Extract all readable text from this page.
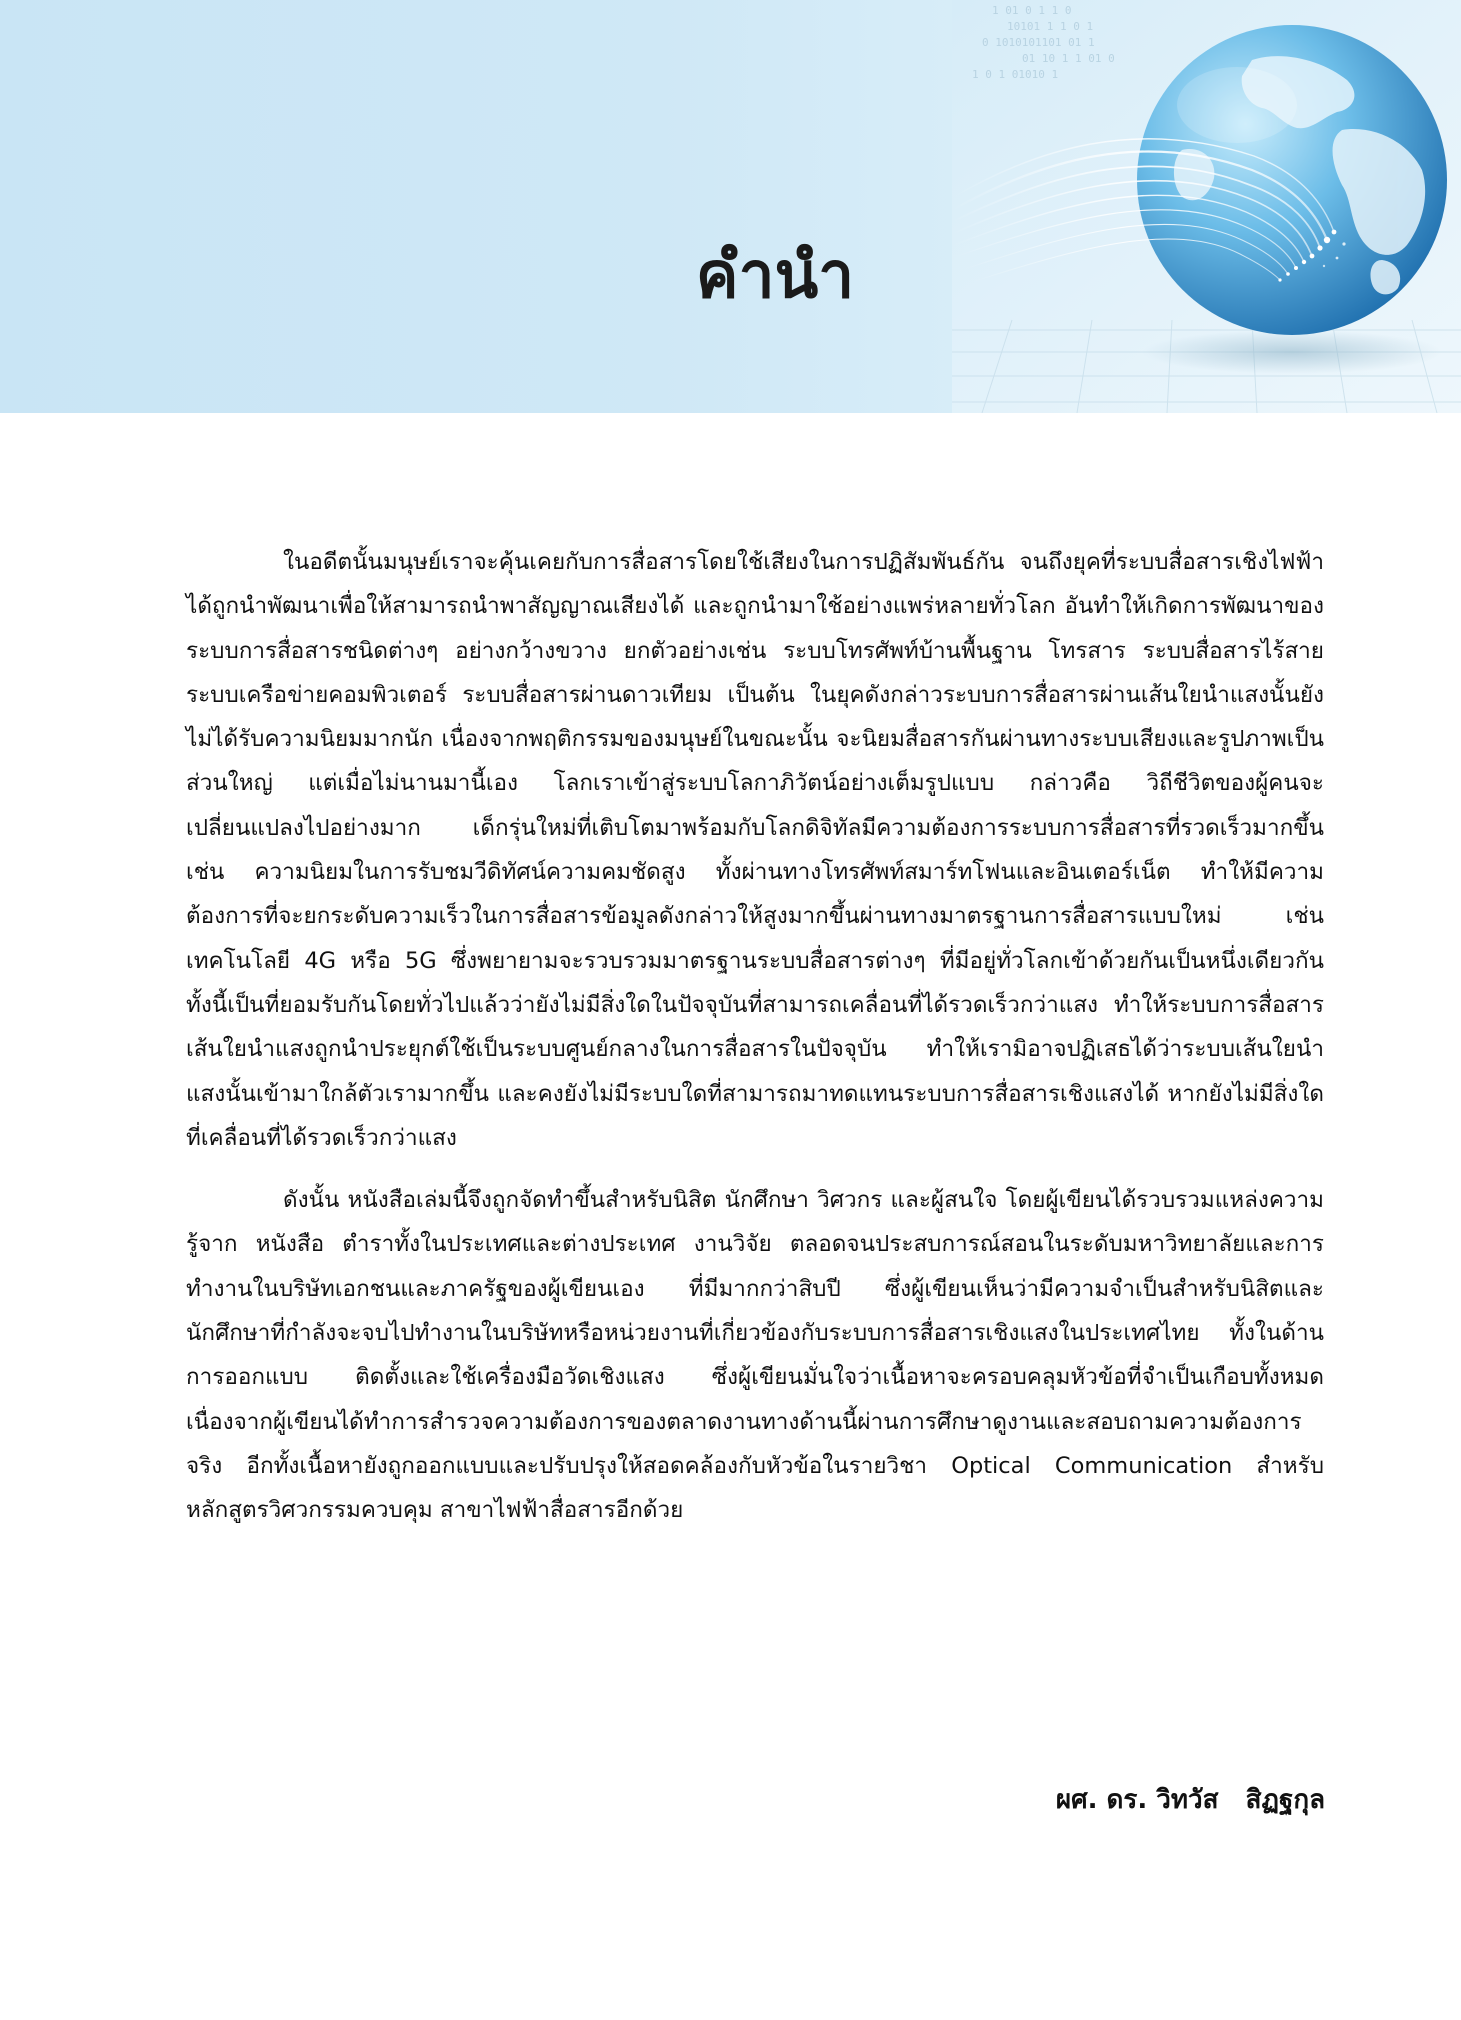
1 01 0 1 1 0
10101 1 1 0 1
0 1010101101 01 1
01 10 1 1 01 0
1 0 1 01010 1
คำนำ

ในอดีตนั้นมนุษย์เราจะคุ้นเคยกับการสื่อสารโดยใช้เสียงในการปฏิสัมพันธ์กัน จนถึงยุคที่ระบบสื่อสารเชิงไฟฟ้าได้ถูกนำพัฒนาเพื่อให้สามารถนำพาสัญญาณเสียงได้ และถูกนำมาใช้อย่างแพร่หลายทั่วโลก อันทำให้เกิดการพัฒนาของระบบการสื่อสารชนิดต่างๆ อย่างกว้างขวาง ยกตัวอย่างเช่น ระบบโทรศัพท์บ้านพื้นฐาน โทรสาร ระบบสื่อสารไร้สาย ระบบเครือข่ายคอมพิวเตอร์ ระบบสื่อสารผ่านดาวเทียม เป็นต้น ในยุคดังกล่าวระบบการสื่อสารผ่านเส้นใยนำแสงนั้นยังไม่ได้รับความนิยมมากนัก เนื่องจากพฤติกรรมของมนุษย์ในขณะนั้น จะนิยมสื่อสารกันผ่านทางระบบเสียงและรูปภาพเป็นส่วนใหญ่ แต่เมื่อไม่นานมานี้เอง โลกเราเข้าสู่ระบบโลกาภิวัตน์อย่างเต็มรูปแบบ กล่าวคือ วิถีชีวิตของผู้คนจะเปลี่ยนแปลงไปอย่างมาก เด็กรุ่นใหม่ที่เติบโตมาพร้อมกับโลกดิจิทัลมีความต้องการระบบการสื่อสารที่รวดเร็วมากขึ้น เช่น ความนิยมในการรับชมวีดิทัศน์ความคมชัดสูง ทั้งผ่านทางโทรศัพท์สมาร์ทโฟนและอินเตอร์เน็ต ทำให้มีความต้องการที่จะยกระดับความเร็วในการสื่อสารข้อมูลดังกล่าวให้สูงมากขึ้นผ่านทางมาตรฐานการสื่อสารแบบใหม่ เช่น เทคโนโลยี 4G หรือ 5G ซึ่งพยายามจะรวบรวมมาตรฐานระบบสื่อสารต่างๆ ที่มีอยู่ทั่วโลกเข้าด้วยกันเป็นหนึ่งเดียวกัน ทั้งนี้เป็นที่ยอมรับกันโดยทั่วไปแล้วว่ายังไม่มีสิ่งใดในปัจจุบันที่สามารถเคลื่อนที่ได้รวดเร็วกว่าแสง ทำให้ระบบการสื่อสารเส้นใยนำแสงถูกนำประยุกต์ใช้เป็นระบบศูนย์กลางในการสื่อสารในปัจจุบัน ทำให้เรามิอาจปฏิเสธได้ว่าระบบเส้นใยนำแสงนั้นเข้ามาใกล้ตัวเรามากขึ้น และคงยังไม่มีระบบใดที่สามารถมาทดแทนระบบการสื่อสารเชิงแสงได้ หากยังไม่มีสิ่งใดที่เคลื่อนที่ได้รวดเร็วกว่าแสง

ดังนั้น หนังสือเล่มนี้จึงถูกจัดทำขึ้นสำหรับนิสิต นักศึกษา วิศวกร และผู้สนใจ โดยผู้เขียนได้รวบรวมแหล่งความรู้จาก หนังสือ ตำราทั้งในประเทศและต่างประเทศ งานวิจัย ตลอดจนประสบการณ์สอนในระดับมหาวิทยาลัยและการทำงานในบริษัทเอกชนและภาครัฐของผู้เขียนเอง ที่มีมากกว่าสิบปี ซึ่งผู้เขียนเห็นว่ามีความจำเป็นสำหรับนิสิตและนักศึกษาที่กำลังจะจบไปทำงานในบริษัทหรือหน่วยงานที่เกี่ยวข้องกับระบบการสื่อสารเชิงแสงในประเทศไทย ทั้งในด้านการออกแบบ ติดตั้งและใช้เครื่องมือวัดเชิงแสง ซึ่งผู้เขียนมั่นใจว่าเนื้อหาจะครอบคลุมหัวข้อที่จำเป็นเกือบทั้งหมด เนื่องจากผู้เขียนได้ทำการสำรวจความต้องการของตลาดงานทางด้านนี้ผ่านการศึกษาดูงานและสอบถามความต้องการจริง อีกทั้งเนื้อหายังถูกออกแบบและปรับปรุงให้สอดคล้องกับหัวข้อในรายวิชา Optical Communication สำหรับหลักสูตรวิศวกรรมควบคุม สาขาไฟฟ้าสื่อสารอีกด้วย

ผศ. ดร. วิทวัส   สิฏฐกุล
